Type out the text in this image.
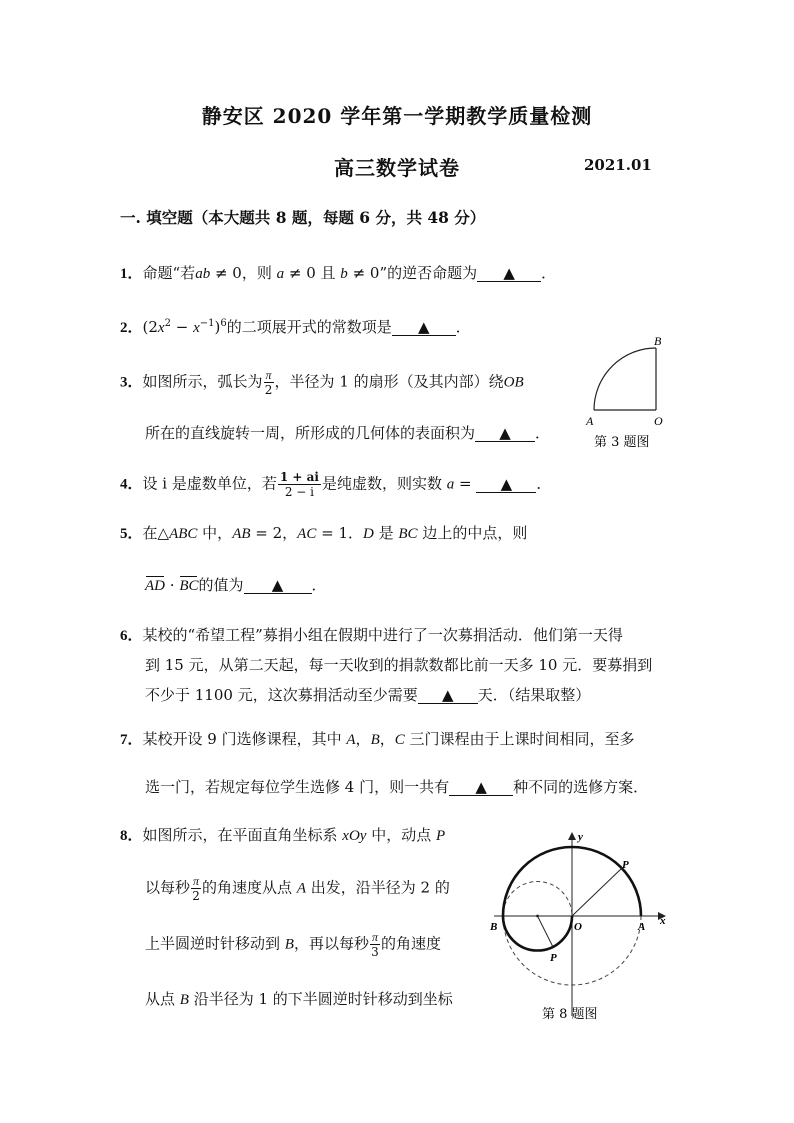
静安区 2020 学年第一学期教学质量检测
高三数学试卷	2021.01
一. 填空题（本大题共 8 题，每题 6 分，共 48 分）
1．命题“若ab ≠ 0，则 a ≠ 0 且 b ≠ 0”的逆否命题为 ▲ ．
2．$(2x^2 - x^{-1})^6$的二项展开式的常数项是 ▲ ．
3．如图所示，弧长为 $\frac{\pi}{2}$ ，半径为 1 的扇形（及其内部）绕OB
所在的直线旋转一周，所形成的几何体的表面积为 ▲ ．
B
A	O
第 3 题图
4．设 i 是虚数单位，若 $\frac{1 + ai}{2 - i}$ 是纯虚数，则实数 a = ▲ ．
5．在△ABC 中，AB = 2，AC = 1．D 是 BC 边上的中点，则
AD · BC的值为 ▲ ．
6．某校的“希望工程”募捐小组在假期中进行了一次募捐活动．他们第一天得
到 15 元，从第二天起，每一天收到的捐款数都比前一天多 10 元．要募捐到
不少于 1100 元，这次募捐活动至少需要 ▲ 天．（结果取整）
7．某校开设 9 门选修课程，其中 A，B，C 三门课程由于上课时间相同，至多
选一门，若规定每位学生选修 4 门，则一共有 ▲ 种不同的选修方案．
8．如图所示，在平面直角坐标系 xOy 中，动点 P
以每秒 $\frac{\pi}{2}$ 的角速度从点 A 出发，沿半径为 2 的
上半圆逆时针移动到 B，再以每秒 $\frac{\pi}{3}$ 的角速度
从点 B 沿半径为 1 的下半圆逆时针移动到坐标
y
x
O	A
B
P
P
第 8 题图
